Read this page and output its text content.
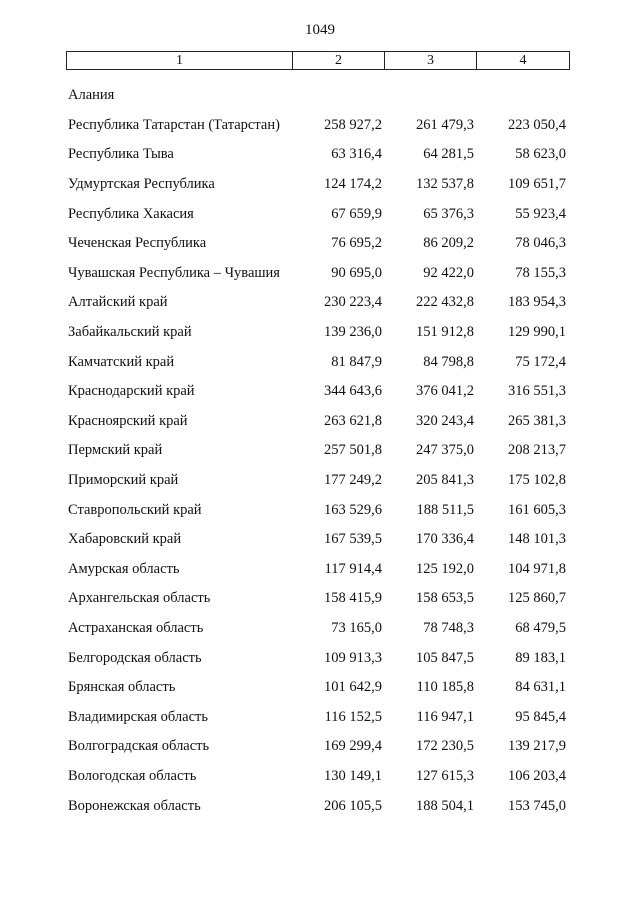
1049
1	2	3	4
Алания
Республика Татарстан (Татарстан)	258 927,2	261 479,3	223 050,4
Республика Тыва	63 316,4	64 281,5	58 623,0
Удмуртская Республика	124 174,2	132 537,8	109 651,7
Республика Хакасия	67 659,9	65 376,3	55 923,4
Чеченская Республика	76 695,2	86 209,2	78 046,3
Чувашская Республика – Чувашия	90 695,0	92 422,0	78 155,3
Алтайский край	230 223,4	222 432,8	183 954,3
Забайкальский край	139 236,0	151 912,8	129 990,1
Камчатский край	81 847,9	84 798,8	75 172,4
Краснодарский край	344 643,6	376 041,2	316 551,3
Красноярский край	263 621,8	320 243,4	265 381,3
Пермский край	257 501,8	247 375,0	208 213,7
Приморский край	177 249,2	205 841,3	175 102,8
Ставропольский край	163 529,6	188 511,5	161 605,3
Хабаровский край	167 539,5	170 336,4	148 101,3
Амурская область	117 914,4	125 192,0	104 971,8
Архангельская область	158 415,9	158 653,5	125 860,7
Астраханская область	73 165,0	78 748,3	68 479,5
Белгородская область	109 913,3	105 847,5	89 183,1
Брянская область	101 642,9	110 185,8	84 631,1
Владимирская область	116 152,5	116 947,1	95 845,4
Волгоградская область	169 299,4	172 230,5	139 217,9
Вологодская область	130 149,1	127 615,3	106 203,4
Воронежская область	206 105,5	188 504,1	153 745,0
